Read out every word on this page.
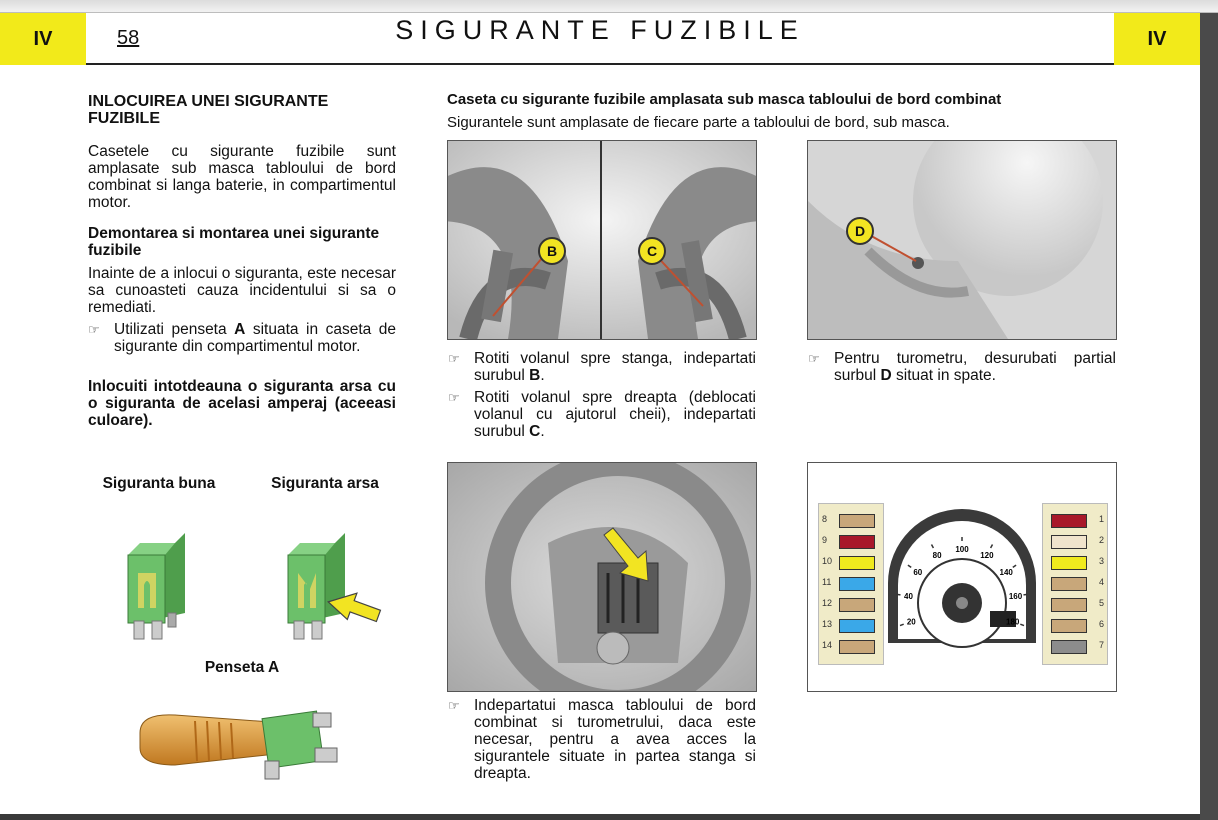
IV	58	SIGURANTE FUZIBILE	IV
INLOCUIREA UNEI SIGURANTE FUZIBILE
Casetele cu sigurante fuzibile sunt amplasate sub masca tabloului de bord combinat si langa baterie, in compartimentul motor.
Demontarea si montarea unei sigurante fuzibile
Inainte de a inlocui o siguranta, este necesar sa cunoasteti cauza incidentului si sa o remediati.
☞ Utilizati penseta A situata in caseta de sigurante din compartimentul motor.
Inlocuiti intotdeauna o siguranta arsa cu o siguranta de acelasi amperaj (aceeasi culoare).
Siguranta buna	Siguranta arsa
Penseta A
Caseta cu sigurante fuzibile amplasata sub masca tabloului de bord combinat
Sigurantele sunt amplasate de fiecare parte a tabloului de bord, sub masca.
B	C
D
☞ Rotiti volanul spre stanga, indepartati surubul B.
☞ Rotiti volanul spre dreapta (deblocati volanul cu ajutorul cheii), indepartati surubul C.
☞ Pentru turometru, desurubati partial surbul D situat in spate.
8
9
10
11
12
13
14
1
2
3
4
5
6
7
20
40
60
80
100
120
140
160
180
☞ Indepartatui masca tabloului de bord combinat si turometrului, daca este necesar, pentru a avea acces la sigurantele situate in partea stanga si dreapta.
